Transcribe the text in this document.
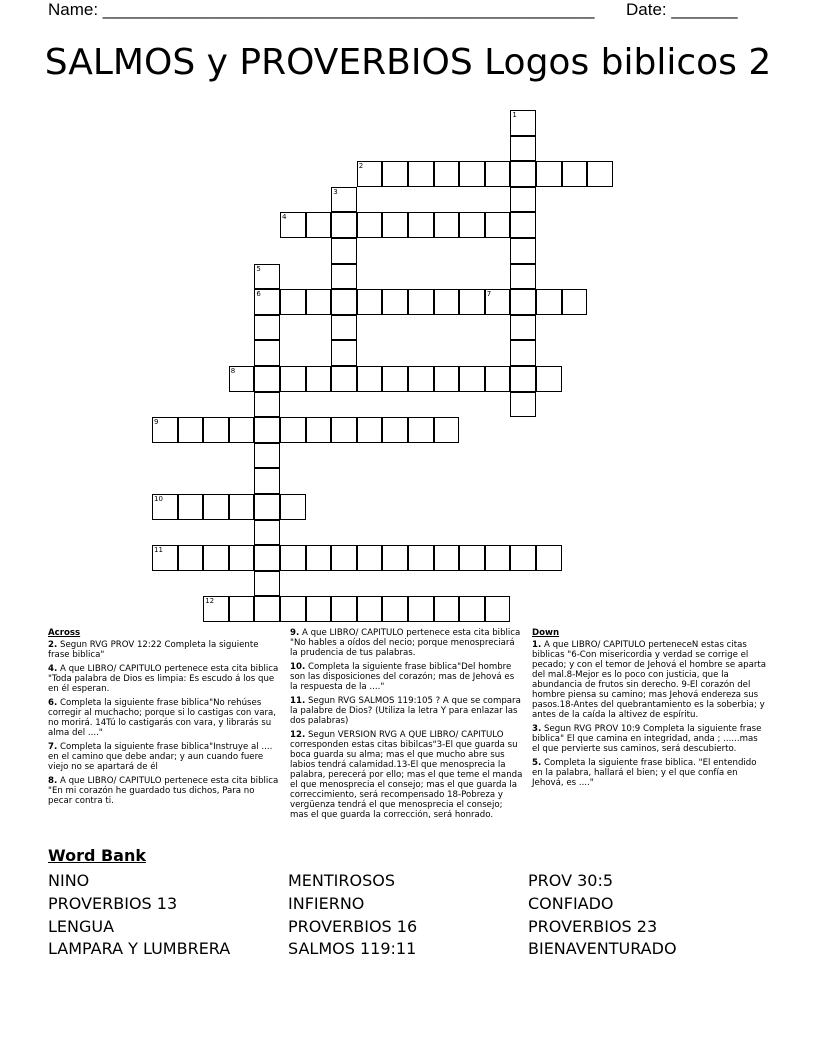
Name: ____________________________________________________ Date: _______
SALMOS y PROVERBIOS Logos biblicos 2
1
2
3
4
5
6	7
8
9
10
11
12
Across
2. Segun RVG PROV 12:22 Completa la siguiente frase biblica"
4. A que LIBRO/ CAPITULO pertenece esta cita biblica "Toda palabra de Dios es limpia: Es escudo á los que en él esperan.
6. Completa la siguiente frase biblica"No rehúses corregir al muchacho; porque si lo castigas con vara, no morirá. 14Tú lo castigarás con vara, y librarás su alma del ...."
7. Completa la siguiente frase biblica"Instruye al .... en el camino que debe andar; y aun cuando fuere viejo no se apartará de él
8. A que LIBRO/ CAPITULO pertenece esta cita biblica "En mi corazón he guardado tus dichos, Para no pecar contra ti.
9. A que LIBRO/ CAPITULO pertenece esta cita biblica "No hables a oídos del necio; porque menospreciará la prudencia de tus palabras.
10. Completa la siguiente frase biblica"Del hombre son las disposiciones del corazón; mas de Jehová es la respuesta de la ...."
11. Segun RVG SALMOS 119:105 ? A que se compara la palabre de Dios? (Utiliza la letra Y para enlazar las dos palabras)
12. Segun VERSION RVG A QUE LIBRO/ CAPITULO corresponden estas citas bibilcas"3-El que guarda su boca guarda su alma; mas el que mucho abre sus labios tendrá calamidad.13-El que menosprecia la palabra, perecerá por ello; mas el que teme el manda el que menosprecia el consejo; mas el que guarda la correccimiento, será recompensado 18-Pobreza y vergüenza tendrá el que menosprecia el consejo; mas el que guarda la corrección, será honrado.
Down
1. A que LIBRO/ CAPITULO perteneceN estas citas biblicas "6-Con misericordia y verdad se corrige el pecado; y con el temor de Jehová el hombre se aparta del mal.8-Mejor es lo poco con justicia, que la abundancia de frutos sin derecho. 9-El corazón del hombre piensa su camino; mas Jehová endereza sus pasos.18-Antes del quebrantamiento es la soberbia; y antes de la caída la altivez de espíritu.
3. Segun RVG PROV 10:9 Completa la siguiente frase biblica" El que camina en integridad, anda ; ......mas el que pervierte sus caminos, será descubierto.
5. Completa la siguiente frase biblica. "El entendido en la palabra, hallará el bien; y el que confía en Jehová, es ...."
Word Bank
NINO
PROVERBIOS 13
LENGUA
LAMPARA Y LUMBRERA
MENTIROSOS
INFIERNO
PROVERBIOS 16
SALMOS 119:11
PROV 30:5
CONFIADO
PROVERBIOS 23
BIENAVENTURADO
